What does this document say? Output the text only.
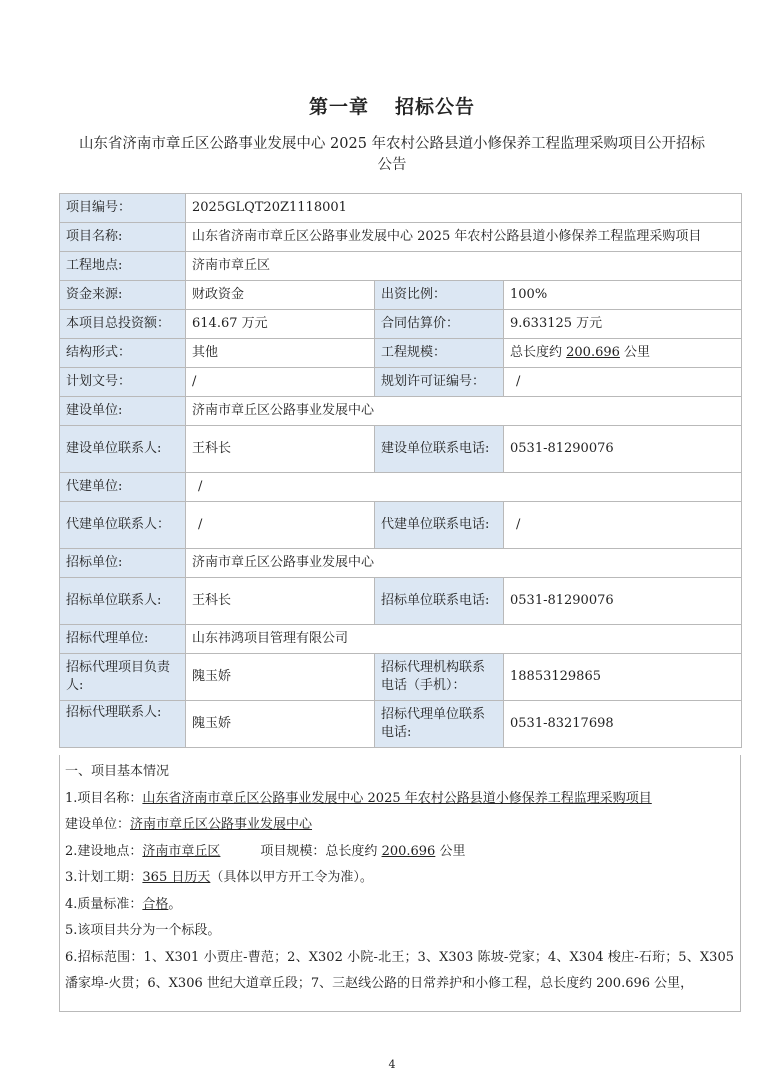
第一章 招标公告
山东省济南市章丘区公路事业发展中心 2025 年农村公路县道小修保养工程监理采购项目公开招标公告
项目编号：	2025GLQT20Z1118001		
项目名称:	山东省济南市章丘区公路事业发展中心 2025 年农村公路县道小修保养工程监理采购项目		
工程地点:	济南市章丘区		
资金来源:	财政资金	出资比例：	100%
本项目总投资额：	614.67 万元	合同估算价：	9.633125 万元
结构形式：	其他	工程规模：	总长度约 200.696 公里
计划文号：	/	规划许可证编号：	/
建设单位:	济南市章丘区公路事业发展中心		
建设单位联系人:	王科长	建设单位联系电话:	0531-81290076
代建单位:	/		
代建单位联系人：	/	代建单位联系电话:	/
招标单位:	济南市章丘区公路事业发展中心		
招标单位联系人:	王科长	招标单位联系电话:	0531-81290076
招标代理单位:	山东祎鸿项目管理有限公司		
招标代理项目负责人:	隗玉娇	招标代理机构联系电话（手机）：	18853129865
招标代理联系人:	隗玉娇	招标代理单位联系电话:	0531-83217698

一、项目基本情况

1.项目名称：山东省济南市章丘区公路事业发展中心 2025 年农村公路县道小修保养工程监理采购项目

建设单位：济南市章丘区公路事业发展中心

2.建设地点：济南市章丘区	项目规模：总长度约 200.696 公里

3.计划工期：365 日历天（具体以甲方开工令为准）。

4.质量标准：合格。

5.该项目共分为一个标段。

6.招标范围：1、X301 小贾庄-曹范；2、X302 小院-北王；3、X303 陈坡-党家；4、X304 梭庄-石珩；5、X305 潘家埠-火贯；6、X306 世纪大道章丘段；7、三赵线公路的日常养护和小修工程，总长度约 200.696 公里，

4
